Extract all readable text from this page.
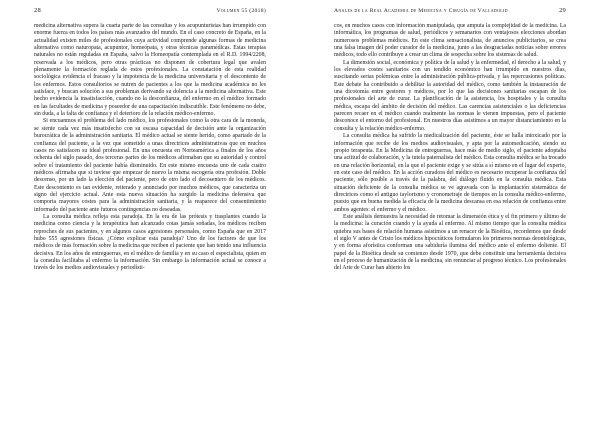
28	Volumen 55 (2018)

medicina alternativa supera la cuarta parte de las consultas y los acupunturistas han irrumpido con enorme fuerza en todos los países más avanzados del mundo. En el caso concreto de España, en la actualidad existen miles de profesionales cuya actividad comprende algunas formas de medicina alternativa como naturopata, acupuntor, homeópata, y otras técnicas paramédicas. Estas terapias naturales no están reguladas en España, salvo la Homeopatía contemplada en el R.D. 1994/2208, reservada a los médicos, pero otras prácticas no disponen de cobertura legal que avalen plenamente la formación reglada de estos profesionales. La constatación de esta realidad sociológica evidencia el fracaso y la impotencia de la medicina universitaria y el descontento de los enfermos. Estos consultorios se nutren de pacientes a los que la medicina académica no les satisface, y buscan solución a sus problemas derivando su dolencia a la medicina alternativa. Este hecho evidencia la insatisfacción, cuando no la desconfianza, del enfermo en el médico formado en las facultades de medicina y poseedor de una capacitación indiscutible. Este fenómeno no debe, sin duda, a la falta de confianza y el deterioro de la relación médico-enfermo.

Si encuanmos el problema del lado médico, los profesionales como la otra cara de la moneda, se siente cada vez más insatisfecho con su escasa capacidad de decisión ante la organización burocrática de la administración sanitaria. El médico actual se siente herido, como apartado de la confianza del paciente, a la vez que sometido a unas directrices administrativas que en muchos casos no satisfacen su ideal profesional. En una encuesta en Norteamérica a finales de los años ochenta del siglo pasado, dos terceras partes de los médicos afirmaban que su autoridad y control sobre el tratamiento del paciente había disminuido. En este mismo encuesta uno de cada cuatro médicos afirmaba que si tuviese que empezar de nuevo la misma escogería otra profesión. Doble descenso, por un lado la elección del paciente, pero de otro lado el decosentero de los médicos. Este descontento es tan evidente, reiterado y anunciado por muchos médicos, que caracteriza un signo del ejercicio actual. Ante esta nueva situación ha surgido la medicina defensiva que comporta mayores costes para la administración sanitaria, y la reaparece del consentimiento informado del paciente ante futuros contingencias no deseadas.

La consulta médica refleja esta paradoja. En la era de las prótesis y trasplantes cuando la medicina como ciencia y la terapéutica han alcanzado cotas jamás soñadas, los médicos reciben reproches de sus pacientes, y en algunos casos agresiones personales, como España que en 2017 hubo 555 agresiones físicas. ¿Cómo explicar esta paradoja? Uno de los factores de que los médicos de más formación sobre la medicina que reciben el paciente que han tenido una influencia decisiva. En los años de entreguerras, en el médico de familia y en su caso el especialista, quien en la consulta facilitaba al enfermo la información. Sin embargo la información actual se conoce a través de los medios audiovisuales y periodísti-

Anales de la Real Academia de Medicina y Cirugía de Valladolid	29

cos, en muchos casos con información manipulada, que amputa la complejidad de la medicina. La informática, los programas de salud, periódicos y semanarios con ventajosos elecciones abordan numerosos problemas médicos. En este clima sensacionalista, de anuncios publicitarios, se crea una falsa imagen del poder curador de la medicina, junto a las desgraciadas noticias sobre errores médicos, todo ello contribuye a crear un clima de sospecha sobre los sistemas de salud.

La dimensión social, económica y política de la salud y la enfermedad, el derecho a la salud, y los elevados costes sanitarios con un tendido económico han irrumpido en nuestros días, suscitando serias polémicas entre la administración pública-privada, y las repercusiones políticas. Este debate ha contribuido a debilitar la autoridad del médico, como también la instauración de una dicotomía entre gestores y médicos, por lo que las decisiones sanitarias escapan de los profesionales del arte de curar. La planificación de la asistencia, los hospitales y la consulta médica, escapa del ámbito de decisión del médico. Las carencias asistenciales o las deficiencias parecen recaer en el médico cuando realmente las normas le vienen impuestas, pero el paciente desconoce el entorno del profesional. En nuestros días asistimos a un mayor distanciamiento en la consulta y la relación médico-enfermo.

La consulta médica ha sufrido la medicalización del paciente, éste se halla intoxicado por la información que recibe de los medios audiovisuales, y apta por la automedicación, siendo su propio terapeuta. En la Medicina de entreguerras, hace más de medio siglo, el paciente adoptaba una actitud de colaboración, y la tutela paternalista del médico. Esta consulta médica se ha trocado en una relación horizontal, en la que el paciente exige y se sitúa a sí mismo en el lugar del experto, en este caso del médico. En la acción curadora del médico es necesario recuperar la confianza del paciente, sólo posible a través de la palabra, del diálogo fluido en la consulta médica. Esta situación deficiente de la consulta médica se ve agravada con la implantación sistemática de directrices como el antiguo taylorismo y cronometraje de tiempos en la consulta médico-enfermo, puesto que en buena medida la eficacia de la medicina descansa en esa relación de confianza entre ambos agentes: el enfermo y el médico.

Este análisis demuestra la necesidad de retomar la dimensión ética y el fin primero y último de la medicina: la curación cuando y la ayuda al enfermo. Al mismo tiempo que la consulta médica quiebra sus bases de relación humana asistimos a un renacer de la Bioética, recordemos que desde el siglo V antes de Cristo los médicos hipocráticos formularon los primeros normas deontológicas, y en forma aforística conforman una sabiduría ilumina del médico ante el enfermo doliente. El papel de la Bioética desde su comienzo desde 1970, que debe constituir una herramienta decisiva en el proceso de humanización de la medicina, sin renunciar al progreso técnico. Los profesionales del Arte de Curar han abierto los
